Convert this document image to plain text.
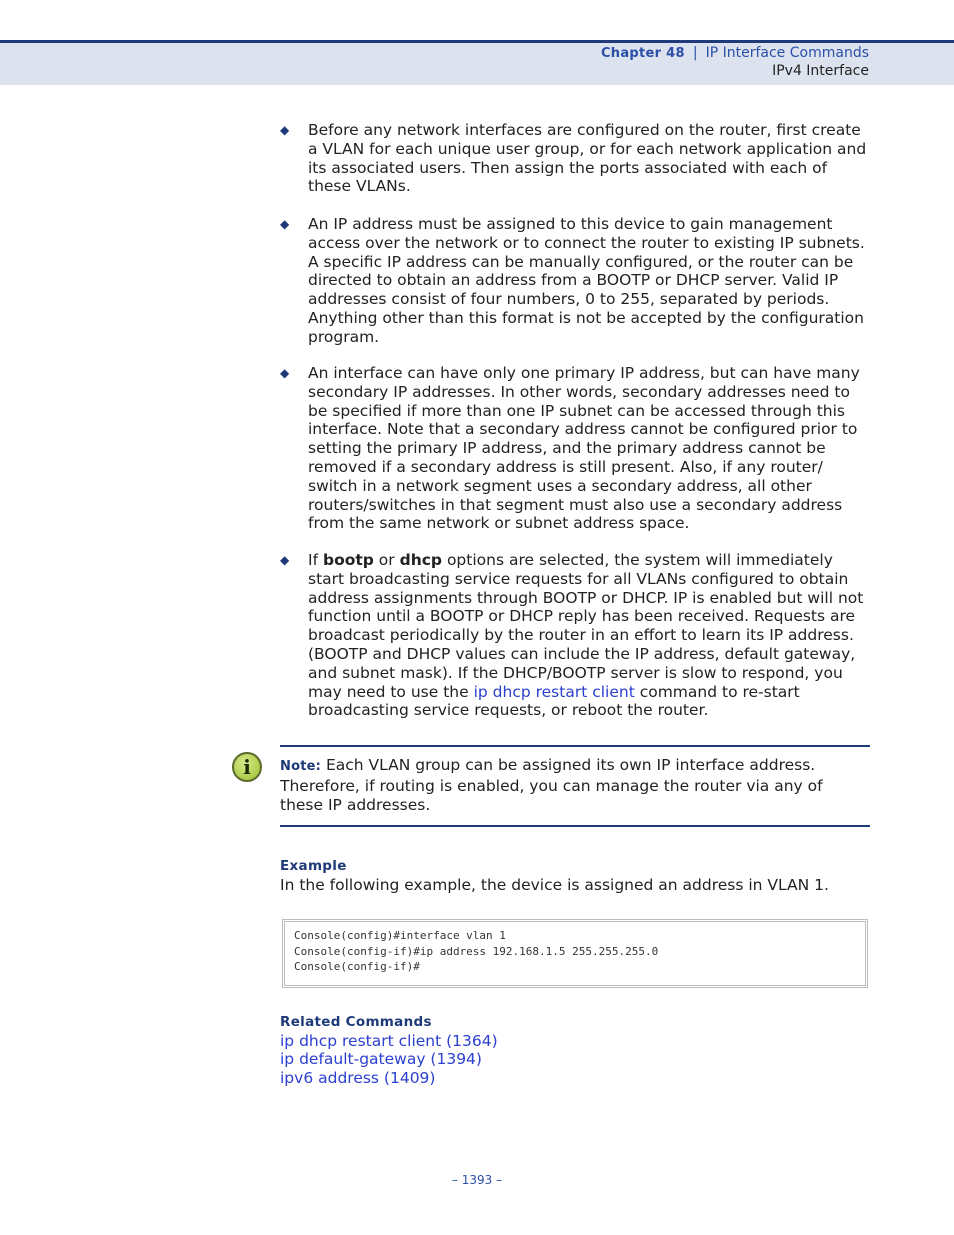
Chapter 48 | IP Interface Commands
IPv4 Interface
◆ Before any network interfaces are configured on the router, first create a VLAN for each unique user group, or for each network application and its associated users. Then assign the ports associated with each of these VLANs.
◆ An IP address must be assigned to this device to gain management access over the network or to connect the router to existing IP subnets. A specific IP address can be manually configured, or the router can be directed to obtain an address from a BOOTP or DHCP server. Valid IP addresses consist of four numbers, 0 to 255, separated by periods. Anything other than this format is not be accepted by the configuration program.
◆ An interface can have only one primary IP address, but can have many secondary IP addresses. In other words, secondary addresses need to be specified if more than one IP subnet can be accessed through this interface. Note that a secondary address cannot be configured prior to setting the primary IP address, and the primary address cannot be removed if a secondary address is still present. Also, if any router/ switch in a network segment uses a secondary address, all other routers/switches in that segment must also use a secondary address from the same network or subnet address space.
◆ If bootp or dhcp options are selected, the system will immediately start broadcasting service requests for all VLANs configured to obtain address assignments through BOOTP or DHCP. IP is enabled but will not function until a BOOTP or DHCP reply has been received. Requests are broadcast periodically by the router in an effort to learn its IP address. (BOOTP and DHCP values can include the IP address, default gateway, and subnet mask). If the DHCP/BOOTP server is slow to respond, you may need to use the ip dhcp restart client command to re-start broadcasting service requests, or reboot the router.
i	Note: Each VLAN group can be assigned its own IP interface address. Therefore, if routing is enabled, you can manage the router via any of these IP addresses.
Example
In the following example, the device is assigned an address in VLAN 1.
Console(config)#interface vlan 1
Console(config-if)#ip address 192.168.1.5 255.255.255.0
Console(config-if)#
Related Commands
ip dhcp restart client (1364)
ip default-gateway (1394)
ipv6 address (1409)
– 1393 –
